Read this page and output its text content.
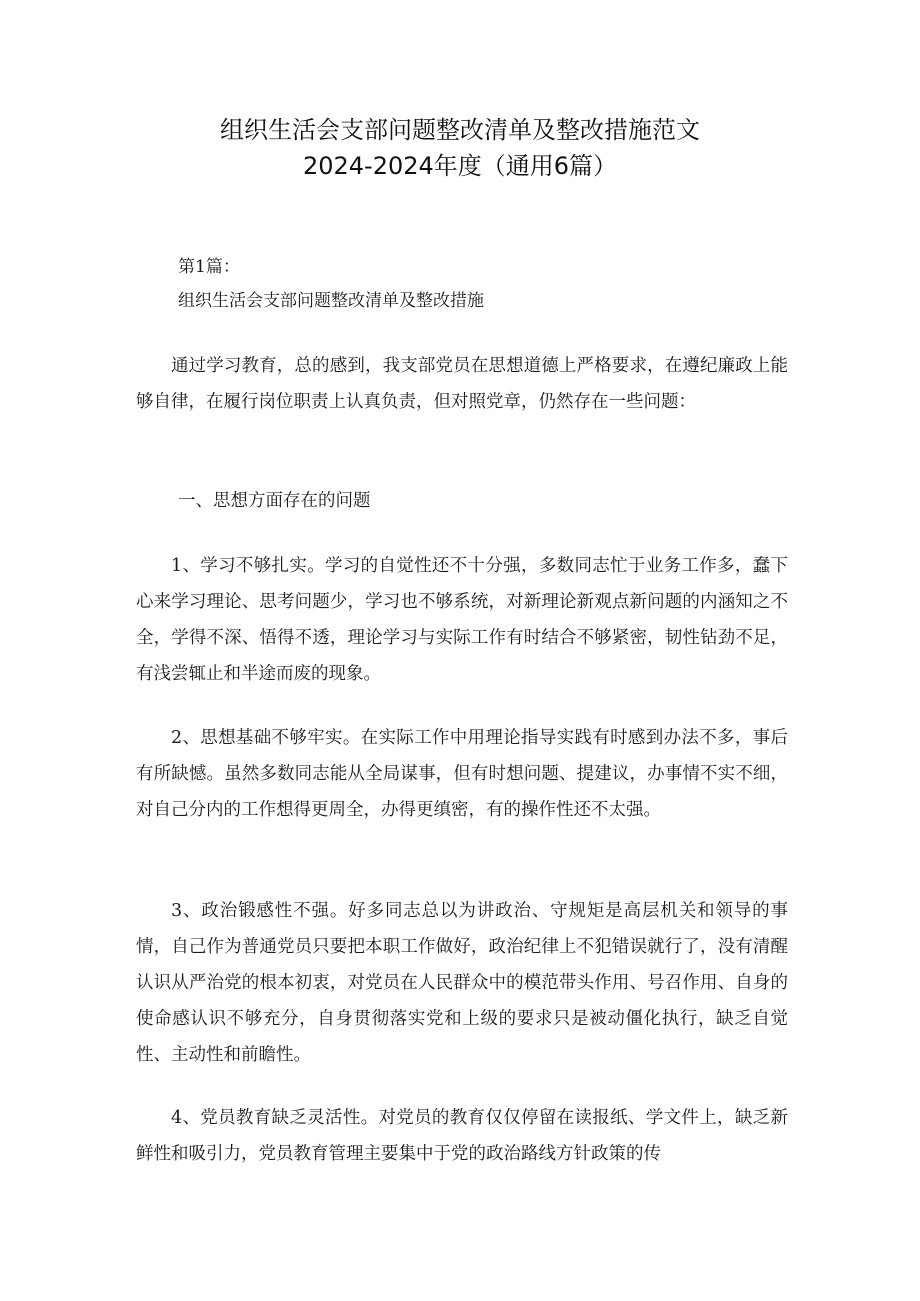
组织生活会支部问题整改清单及整改措施范文
2024-2024年度（通用6篇）
第1篇：
组织生活会支部问题整改清单及整改措施

通过学习教育，总的感到，我支部党员在思想道德上严格要求，在遵纪廉政上能够自律，在履行岗位职责上认真负责，但对照党章，仍然存在一些问题：

一、思想方面存在的问题

1、学习不够扎实。学习的自觉性还不十分强，多数同志忙于业务工作多，蠢下心来学习理论、思考问题少，学习也不够系统，对新理论新观点新问题的内涵知之不全，学得不深、悟得不透，理论学习与实际工作有时结合不够紧密，韧性钻劲不足，有浅尝辄止和半途而废的现象。

2、思想基础不够牢实。在实际工作中用理论指导实践有时感到办法不多，事后有所缺憾。虽然多数同志能从全局谋事，但有时想问题、提建议，办事情不实不细，对自己分内的工作想得更周全，办得更缜密，有的操作性还不太强。

3、政治锻感性不强。好多同志总以为讲政治、守规矩是高层机关和领导的事情，自己作为普通党员只要把本职工作做好，政治纪律上不犯错误就行了，没有清醒认识从严治党的根本初衷，对党员在人民群众中的模范带头作用、号召作用、自身的使命感认识不够充分，自身贯彻落实党和上级的要求只是被动僵化执行，缺乏自觉性、主动性和前瞻性。

4、党员教育缺乏灵活性。对党员的教育仅仅停留在读报纸、学文件上，缺乏新鲜性和吸引力，党员教育管理主要集中于党的政治路线方针政策的传
